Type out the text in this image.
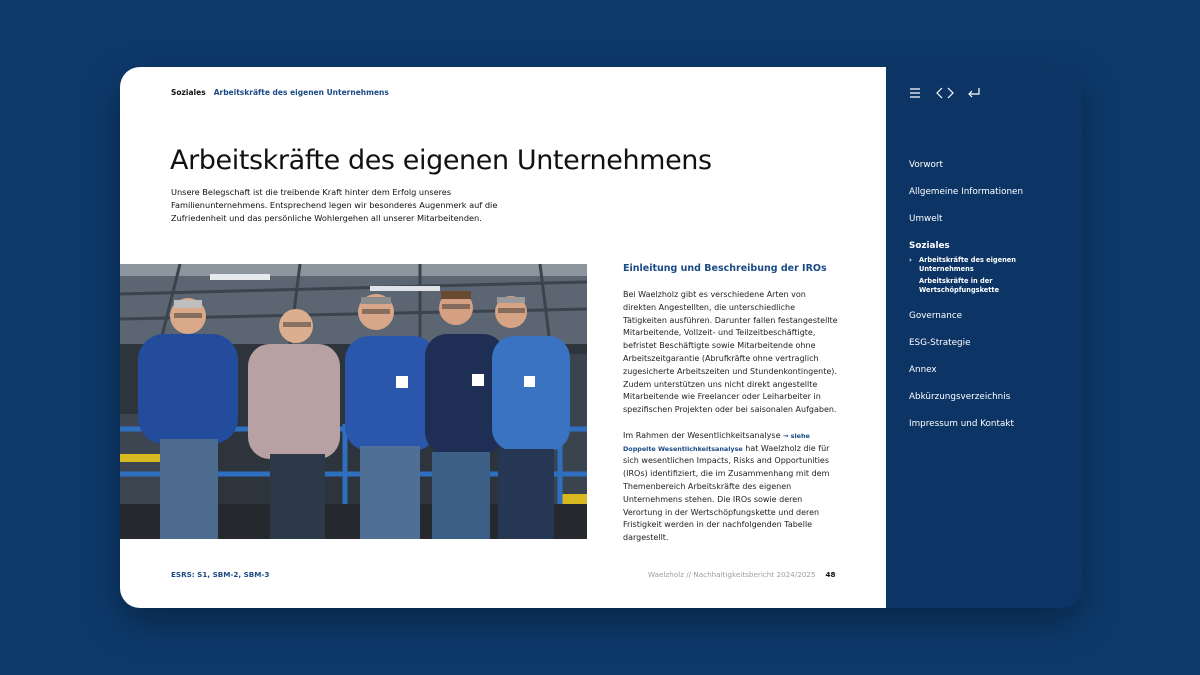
Soziales Arbeitskräfte des eigenen Unternehmens
Arbeitskräfte des eigenen Unternehmens

Unsere Belegschaft ist die treibende Kraft hinter dem Erfolg unseres Familienunternehmens. Entsprechend legen wir besonderes Augenmerk auf die Zufriedenheit und das persönliche Wohlergehen all unserer Mitarbeitenden.

Einleitung und Beschreibung der IROs

Bei Waelzholz gibt es verschiedene Arten von direkten Angestellten, die unterschiedliche Tätigkeiten ausführen. Darunter fallen festangestellte Mitarbeitende, Vollzeit- und Teilzeitbeschäftigte, befristet Beschäftigte sowie Mitarbeitende ohne Arbeitszeitgarantie (Abrufkräfte ohne vertraglich zugesicherte Arbeitszeiten und Stundenkontingente). Zudem unterstützen uns nicht direkt angestellte Mitarbeitende wie Freelancer oder Leiharbeiter in spezifischen Projekten oder bei saisonalen Aufgaben.

Im Rahmen der Wesentlichkeitsanalyse → siehe Doppelte Wesentlichkeitsanalyse hat Waelzholz die für sich wesentlichen Impacts, Risks and Opportunities (IROs) identifiziert, die im Zusammenhang mit dem Themenbereich Arbeitskräfte des eigenen Unternehmens stehen. Die IROs sowie deren Verortung in der Wertschöpfungskette und deren Fristigkeit werden in der nachfolgenden Tabelle dargestellt.

ESRS: S1, SBM-2, SBM-3	Waelzholz // Nachhaltigkeitsbericht 2024/2025 48
Vorwort
Allgemeine Informationen
Umwelt
Soziales
› Arbeitskräfte des eigenen Unternehmens
Arbeitskräfte in der Wertschöpfungskette
Governance
ESG-Strategie
Annex
Abkürzungsverzeichnis
Impressum und Kontakt
